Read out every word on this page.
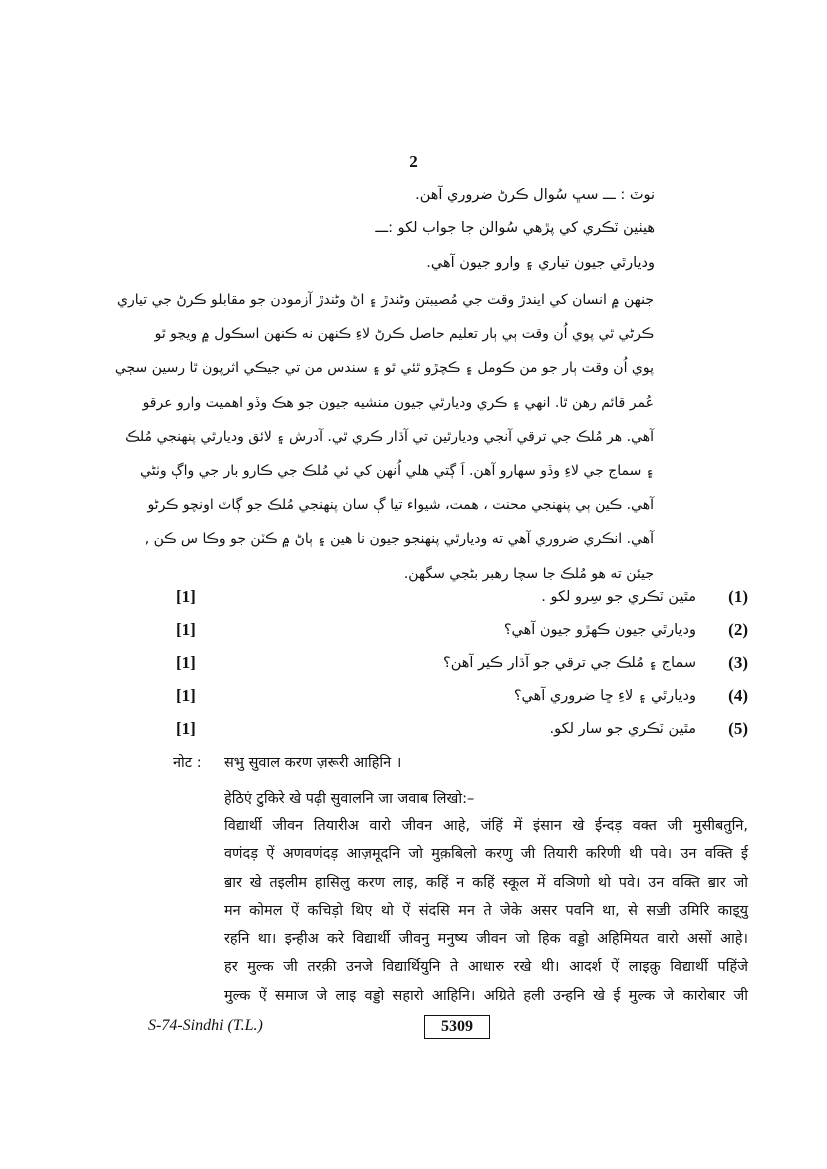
2
نوٽ : ـــ سڀ سُوال ڪرڻ ضروري آهن.
هيٺين ٽڪري کي پڙهي سُوالن جا جواب لکو :ـــ
وديارٿي جيون تياري ۽ وارو جيون آهي.
جنهن ۾ انسان کي ايندڙ وقت جي مُصيبتن وڻندڙ ۽ اڻ وڻندڙ آزمودن جو مقابلو ڪرڻ جي تياري
ڪرڻي ٿي پوي اُن وقت ٻي ٻار تعليم حاصل ڪرڻ لاءِ ڪنهن نه ڪنهن اسڪول ۾ ويڃو ٿو
پوي اُن وقت ٻار جو من ڪومل ۽ ڪچڙو ٿئي ٿو ۽ سندس من تي جيڪي اثرپون ٿا رسين سڄي
عُمر قائم رهن ٿا. انهي ۽ ڪري وديارٿي جيون منشيه جيون جو هڪ وڏو اهميت وارو عرقو
آهي. هر مُلڪ جي ترقي آنجي وديارٿين تي آڌار ڪري ٿي. آدرش ۽ لائق وديارٿي پنهنجي مُلڪ
۽ سماج جي لاءِ وڏو سهارو آهن. اَ ڳتي هلي اُنهن کي ئي مُلڪ جي ڪارو بار جي واڳ وٺڻي
آهي. ڪين ٻي پنهنجي محنت ، همت، شيواء تيا ڳ سان پنهنجي مُلڪ جو ڳاٽ اونچو ڪرڻو
آهي. انڪري ضروري آهي ته وديارٿي پنهنجو جيون نا هين ۽ ٻاڻ ۾ ڪٽن جو وڪا س ڪن ,
جيئن ته هو مُلڪ جا سچا رهبر بڻجي سگهن.
[1]	مٿين ٽڪري جو سِرو لکو . (1)
[1]	وديارٿي جيون ڪهڙو جيون آهي؟ (2)
[1]	سماج ۽ مُلڪ جي ترقي جو آڌار ڪير آهن؟ (3)
[1]	وديارٿي ۽ لاءِ ڇا ضروري آهي؟ (4)
[1]	مٿين ٽڪري جو سار لکو. (5)
नोट : सभु सुवाल करण ज़रूरी आहिनि ।
हेठिएं टुकिरे खे पढ़ी सुवालनि जा जवाब लिखो:–
विद्यार्थी जीवन तियारीअ वारो जीवन आहे, जंहिं में इंसान खे ईन्दड़ वक्त जी मुसीबतुनि,
वणंदड़ ऐं अणवणंदड़ आज़मूदनि जो मुक़बिलो करणु जी तियारी करिणी थी पवे। उन वक्ति ई
ॿार खे तइलीम हासिलु करण लाइ, कहिं न कहिं स्कूल में वञिणो थो पवे। उन वक्ति ॿार जो
मन कोमल ऐं कचिड़ो थिए थो ऐं संदसि मन ते जेके असर पवनि था, से सॼी उमिरि काइ्यु
रहनि था। इन्हीअ करे विद्यार्थी जीवनु मनुष्य जीवन जो हिक वड्डो अहिमियत वारो असों आहे।
हर मुल्क जी तरक़ी उनजे विद्यार्थियुनि ते आधारु रखे थी। आदर्श ऐं लाइक़ु विद्यार्थी पहिंजे
मुल्क ऐं समाज जे लाइ वड्डो सहारो आहिनि। अग्रिते हली उन्हनि खे ई मुल्क जे कारोबार जी
S-74-Sindhi (T.L.)	5309
